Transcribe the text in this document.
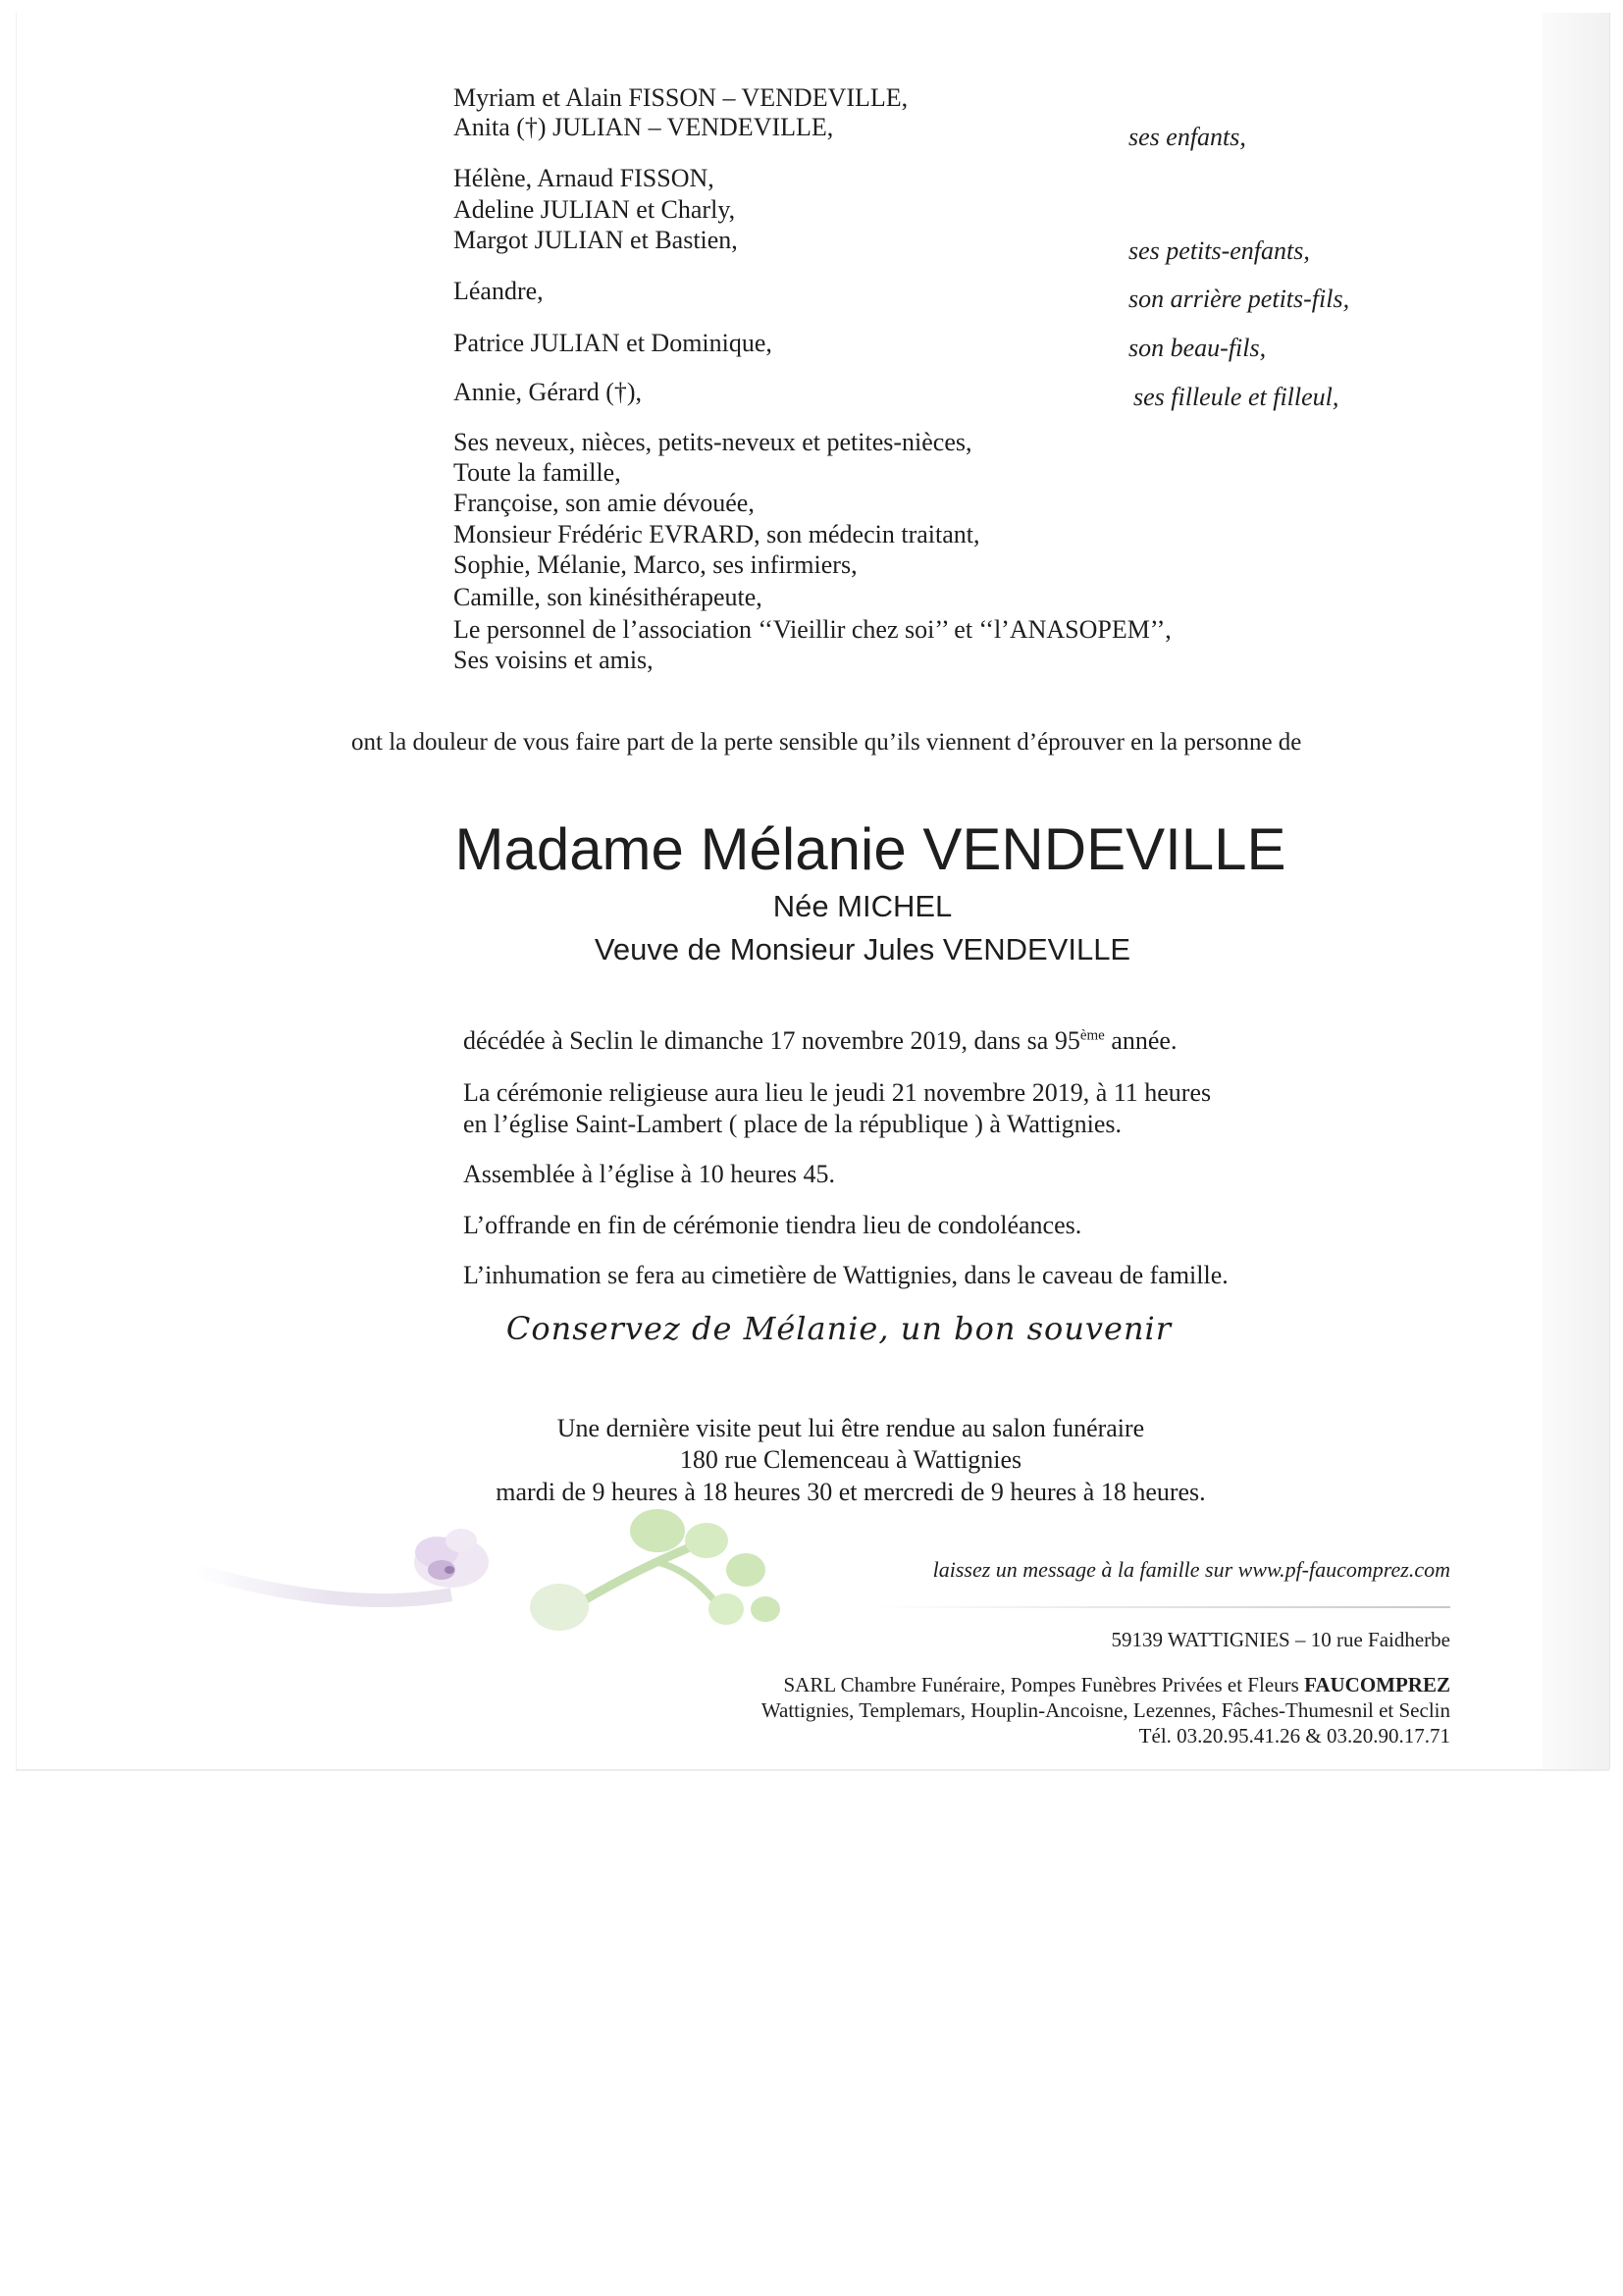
Myriam et Alain FISSON – VENDEVILLE,
Anita (†) JULIAN – VENDEVILLE,	ses enfants,
Hélène, Arnaud FISSON,
Adeline JULIAN et Charly,
Margot JULIAN et Bastien,	ses petits-enfants,
Léandre,	son arrière petits-fils,
Patrice JULIAN et Dominique,	son beau-fils,
Annie, Gérard (†),	ses filleule et filleul,
Ses neveux, nièces, petits-neveux et petites-nièces,
Toute la famille,
Françoise, son amie dévouée,
Monsieur Frédéric EVRARD, son médecin traitant,
Sophie, Mélanie, Marco, ses infirmiers,
Camille, son kinésithérapeute,
Le personnel de l’association ‘‘Vieillir chez soi’’ et ‘‘l’ANASOPEM’’,
Ses voisins et amis,
ont la douleur de vous faire part de la perte sensible qu’ils viennent d’éprouver en la personne de
Madame Mélanie VENDEVILLE
Née MICHEL
Veuve de Monsieur Jules VENDEVILLE
décédée à Seclin le dimanche 17 novembre 2019, dans sa 95ème année.
La cérémonie religieuse aura lieu le jeudi 21 novembre 2019, à 11 heures
en l’église Saint-Lambert ( place de la république ) à Wattignies.
Assemblée à l’église à 10 heures 45.
L’offrande en fin de cérémonie tiendra lieu de condoléances.
L’inhumation se fera au cimetière de Wattignies, dans le caveau de famille.
Conservez de Mélanie, un bon souvenir
Une dernière visite peut lui être rendue au salon funéraire
180 rue Clemenceau à Wattignies
mardi de 9 heures à 18 heures 30 et mercredi de 9 heures à 18 heures.
laissez un message à la famille sur www.pf-faucomprez.com
59139 WATTIGNIES – 10 rue Faidherbe
SARL Chambre Funéraire, Pompes Funèbres Privées et Fleurs FAUCOMPREZ
Wattignies, Templemars, Houplin-Ancoisne, Lezennes, Fâches-Thumesnil et Seclin
Tél. 03.20.95.41.26 & 03.20.90.17.71
